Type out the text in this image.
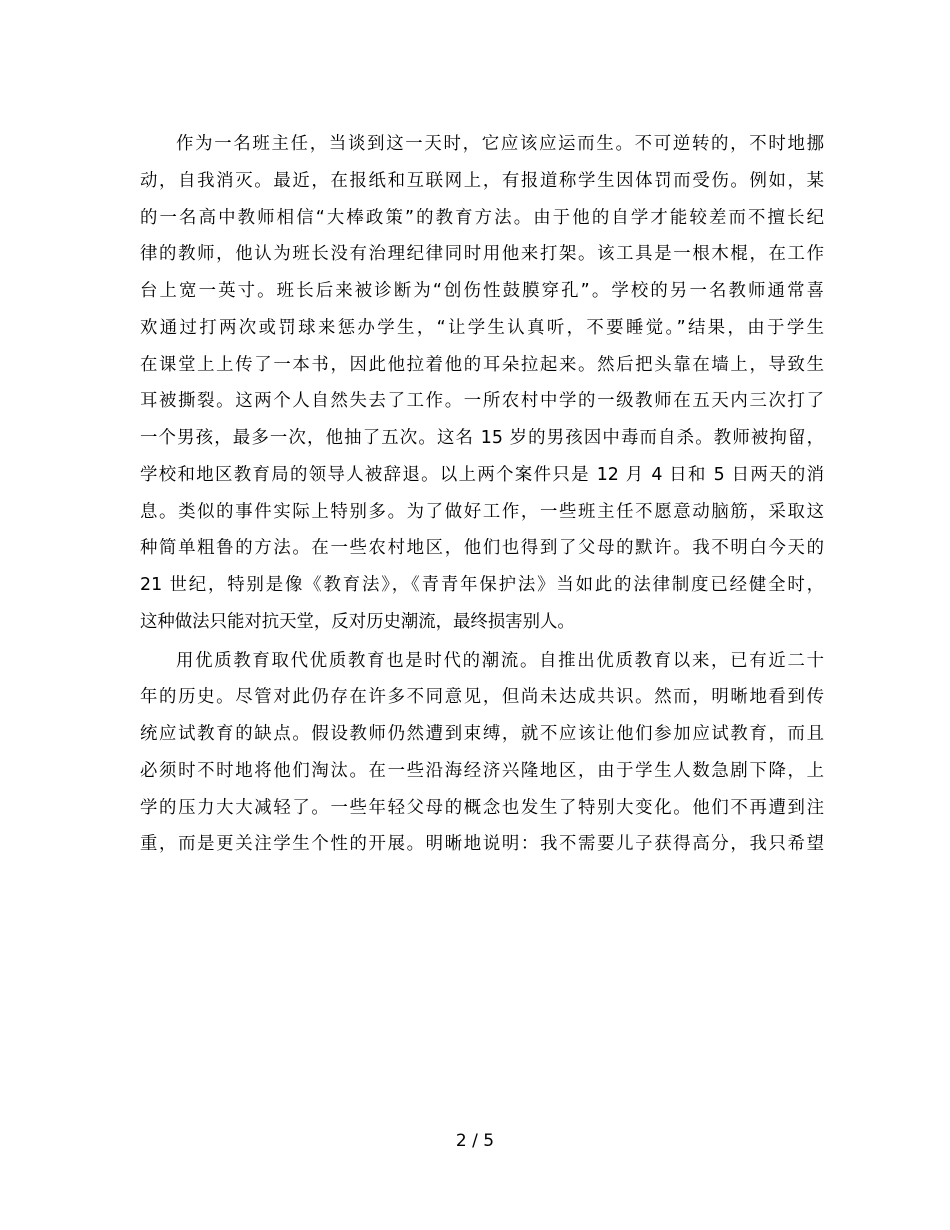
作为一名班主任，当谈到这一天时，它应该应运而生。不可逆转的，不时地挪
动，自我消灭。最近，在报纸和互联网上，有报道称学生因体罚而受伤。例如，某
的一名高中教师相信“大棒政策”的教育方法。由于他的自学才能较差而不擅长纪
律的教师，他认为班长没有治理纪律同时用他来打架。该工具是一根木棍，在工作
台上宽一英寸。班长后来被诊断为“创伤性鼓膜穿孔”。学校的另一名教师通常喜
欢通过打两次或罚球来惩办学生，“让学生认真听，不要睡觉。”结果，由于学生
在课堂上上传了一本书，因此他拉着他的耳朵拉起来。然后把头靠在墙上，导致生
耳被撕裂。这两个人自然失去了工作。一所农村中学的一级教师在五天内三次打了
一个男孩，最多一次，他抽了五次。这名 15 岁的男孩因中毒而自杀。教师被拘留，
学校和地区教育局的领导人被辞退。以上两个案件只是 12 月 4 日和 5 日两天的消
息。类似的事件实际上特别多。为了做好工作，一些班主任不愿意动脑筋，采取这
种简单粗鲁的方法。在一些农村地区，他们也得到了父母的默许。我不明白今天的
21 世纪，特别是像《教育法》，《青青年保护法》当如此的法律制度已经健全时，
这种做法只能对抗天堂，反对历史潮流，最终损害别人。
用优质教育取代优质教育也是时代的潮流。自推出优质教育以来，已有近二十
年的历史。尽管对此仍存在许多不同意见，但尚未达成共识。然而，明晰地看到传
统应试教育的缺点。假设教师仍然遭到束缚，就不应该让他们参加应试教育，而且
必须时不时地将他们淘汰。在一些沿海经济兴隆地区，由于学生人数急剧下降，上
学的压力大大减轻了。一些年轻父母的概念也发生了特别大变化。他们不再遭到注
重，而是更关注学生个性的开展。明晰地说明：我不需要儿子获得高分，我只希望
2 / 5
